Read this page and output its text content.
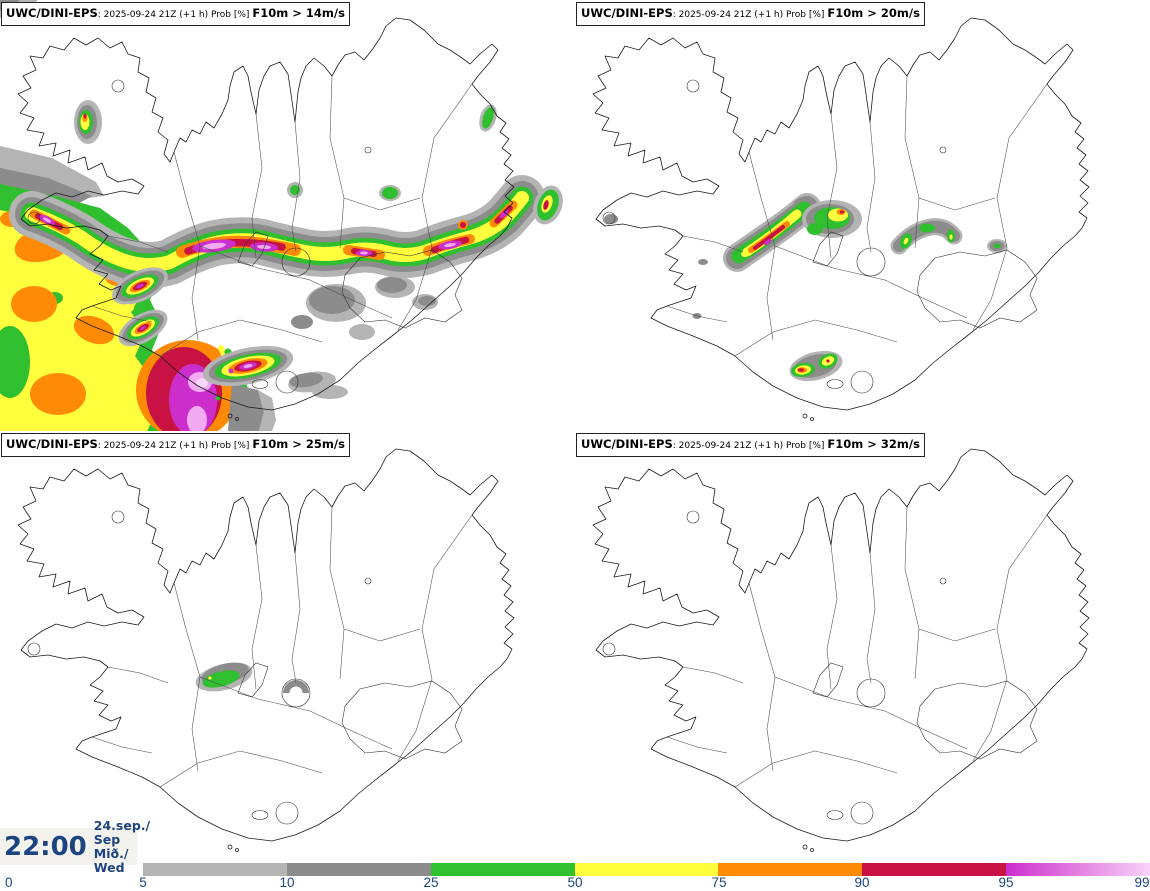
UWC/DINI-EPS: 2025-09-24 21Z (+1 h) Prob [%] F10m > 14m/s	UWC/DINI-EPS: 2025-09-24 21Z (+1 h) Prob [%] F10m > 20m/s
UWC/DINI-EPS: 2025-09-24 21Z (+1 h) Prob [%] F10m > 25m/s	UWC/DINI-EPS: 2025-09-24 21Z (+1 h) Prob [%] F10m > 32m/s
22:00
24.sep./ Sep
Mið./ Wed
0	5	10	25	50	75	90	95	99
